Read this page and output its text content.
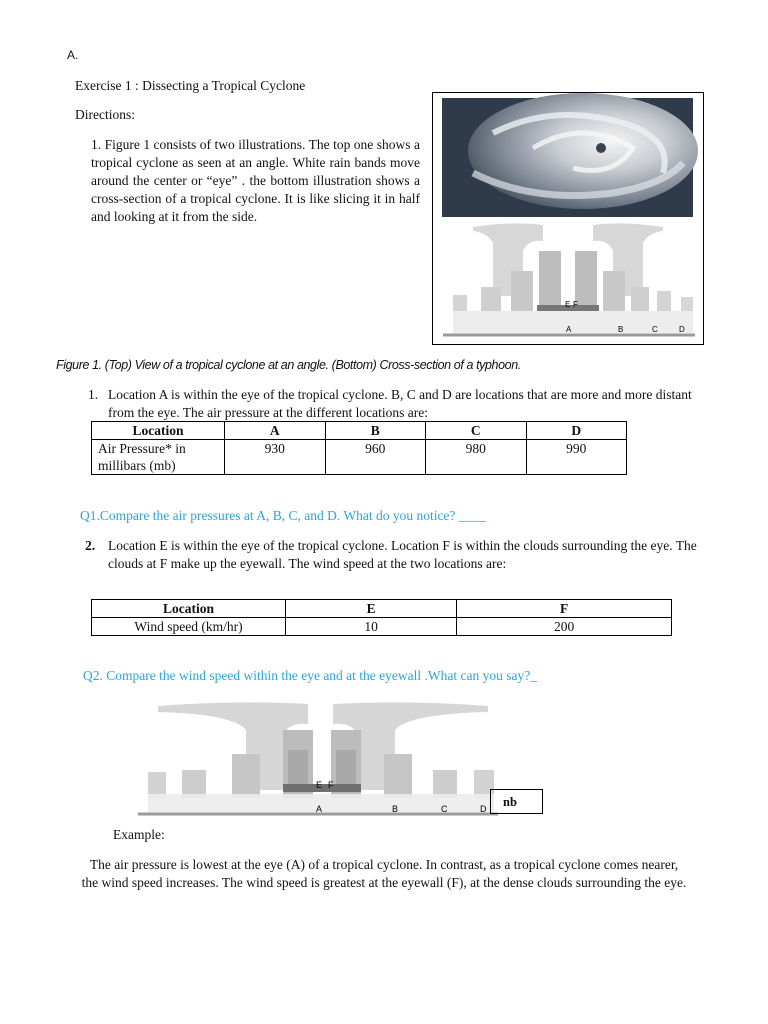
A.
Exercise 1 : Dissecting a Tropical Cyclone
Directions:
1. Figure 1 consists of two illustrations. The top one shows a tropical cyclone as seen at an angle. White rain bands move around the center or “eye” . the bottom illustration shows a cross-section of a tropical cyclone. It is like slicing it in half and looking at it from the side.
E F
A	B	C	D
Figure 1. (Top) View of a tropical cyclone at an angle. (Bottom) Cross-section of a typhoon.
1. Location A is within the eye of the tropical cyclone. B, C and D are locations that are more and more distant from the eye. The air pressure at the different locations are:
Location	A	B	C	D
Air Pressure* in millibars (mb)	930	960	980	990
Q1.Compare the air pressures at A, B, C, and D. What do you notice? ____
2. Location E is within the eye of the tropical cyclone. Location F is within the clouds surrounding the eye. The clouds at F make up the eyewall. The wind speed at the two locations are:
Location	E	F
Wind speed (km/hr)	10	200
Q2. Compare the wind speed within the eye and at the eyewall .What can you say?_
E F
A	B	C	D	nb
Example:
The air pressure is lowest at the eye (A) of a tropical cyclone. In contrast, as a tropical cyclone comes nearer,
the wind speed increases. The wind speed is greatest at the eyewall (F), at the dense clouds surrounding the eye.
